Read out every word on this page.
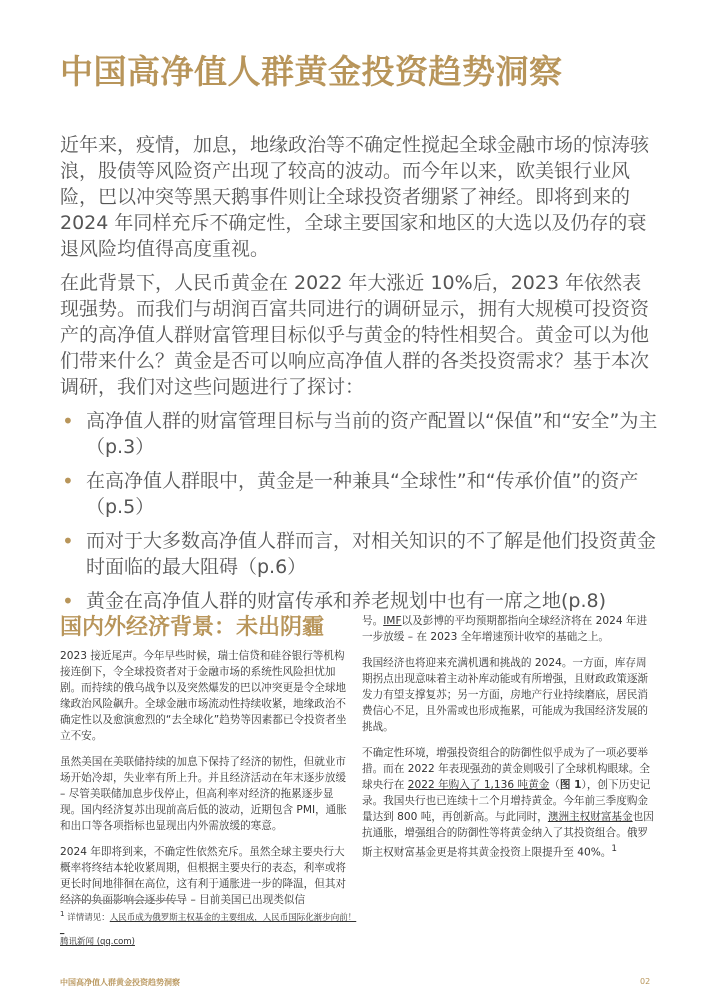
中国高净值人群黄金投资趋势洞察

近年来，疫情，加息，地缘政治等不确定性搅起全球金融市场的惊涛骇浪，股债等风险资产出现了较高的波动。而今年以来，欧美银行业风险，巴以冲突等黑天鹅事件则让全球投资者绷紧了神经。即将到来的 2024 年同样充斥不确定性，全球主要国家和地区的大选以及仍存的衰退风险均值得高度重视。

在此背景下，人民币黄金在 2022 年大涨近 10%后，2023 年依然表现强势。而我们与胡润百富共同进行的调研显示，拥有大规模可投资资产的高净值人群财富管理目标似乎与黄金的特性相契合。黄金可以为他们带来什么？黄金是否可以响应高净值人群的各类投资需求？基于本次调研，我们对这些问题进行了探讨：

• 高净值人群的财富管理目标与当前的资产配置以“保值”和“安全”为主（p.3）
• 在高净值人群眼中，黄金是一种兼具“全球性”和“传承价值”的资产（p.5）
• 而对于大多数高净值人群而言，对相关知识的不了解是他们投资黄金时面临的最大阻碍（p.6）
• 黄金在高净值人群的财富传承和养老规划中也有一席之地(p.8)
国内外经济背景：未出阴霾

2023 接近尾声。今年早些时候，瑞士信贷和硅谷银行等机构接连倒下，令全球投资者对于金融市场的系统性风险担忧加剧。而持续的俄乌战争以及突然爆发的巴以冲突更是令全球地缘政治风险飙升。全球金融市场流动性持续收紧，地缘政治不确定性以及愈演愈烈的“去全球化”趋势等因素都已令投资者坐立不安。

虽然美国在美联储持续的加息下保持了经济的韧性，但就业市场开始冷却，失业率有所上升。并且经济活动在年末逐步放缓 – 尽管美联储加息步伐停止，但高利率对经济的拖累逐步显现。国内经济复苏出现前高后低的波动，近期包含 PMI，通胀和出口等各项指标也显现出内外需放缓的寒意。

2024 年即将到来，不确定性依然充斥。虽然全球主要央行大概率将终结本轮收紧周期，但根据主要央行的表态，利率或将更长时间地徘徊在高位，这有利于通胀进一步的降温，但其对经济的负面影响会逐步传导 – 目前美国已出现类似信

号。IMF以及彭博的平均预期都指向全球经济将在 2024 年进一步放缓 – 在 2023 全年增速预计收窄的基础之上。

我国经济也将迎来充满机遇和挑战的 2024。一方面，库存周期拐点出现意味着主动补库动能或有所增强，且财政政策逐渐发力有望支撑复苏；另一方面，房地产行业持续磨底，居民消费信心不足，且外需或也形成拖累，可能成为我国经济发展的挑战。

不确定性环境，增强投资组合的防御性似乎成为了一项必要举措。而在 2022 年表现强劲的黄金则吸引了全球机构眼球。全球央行在 2022 年购入了 1,136 吨黄金（图 1），创下历史记录。我国央行也已连续十二个月增持黄金。今年前三季度购金量达到 800 吨，再创新高。与此同时，澳洲主权财富基金也因抗通胀，增强组合的防御性等将黄金纳入了其投资组合。俄罗斯主权财富基金更是将其黄金投资上限提升至 40%。$^1$

$^1$ 详情请见：人民币成为俄罗斯主权基金的主要组成，人民币国际化渐步向前！_
腾讯新闻 (qq.com)
中国高净值人群黄金投资趋势洞察	02
